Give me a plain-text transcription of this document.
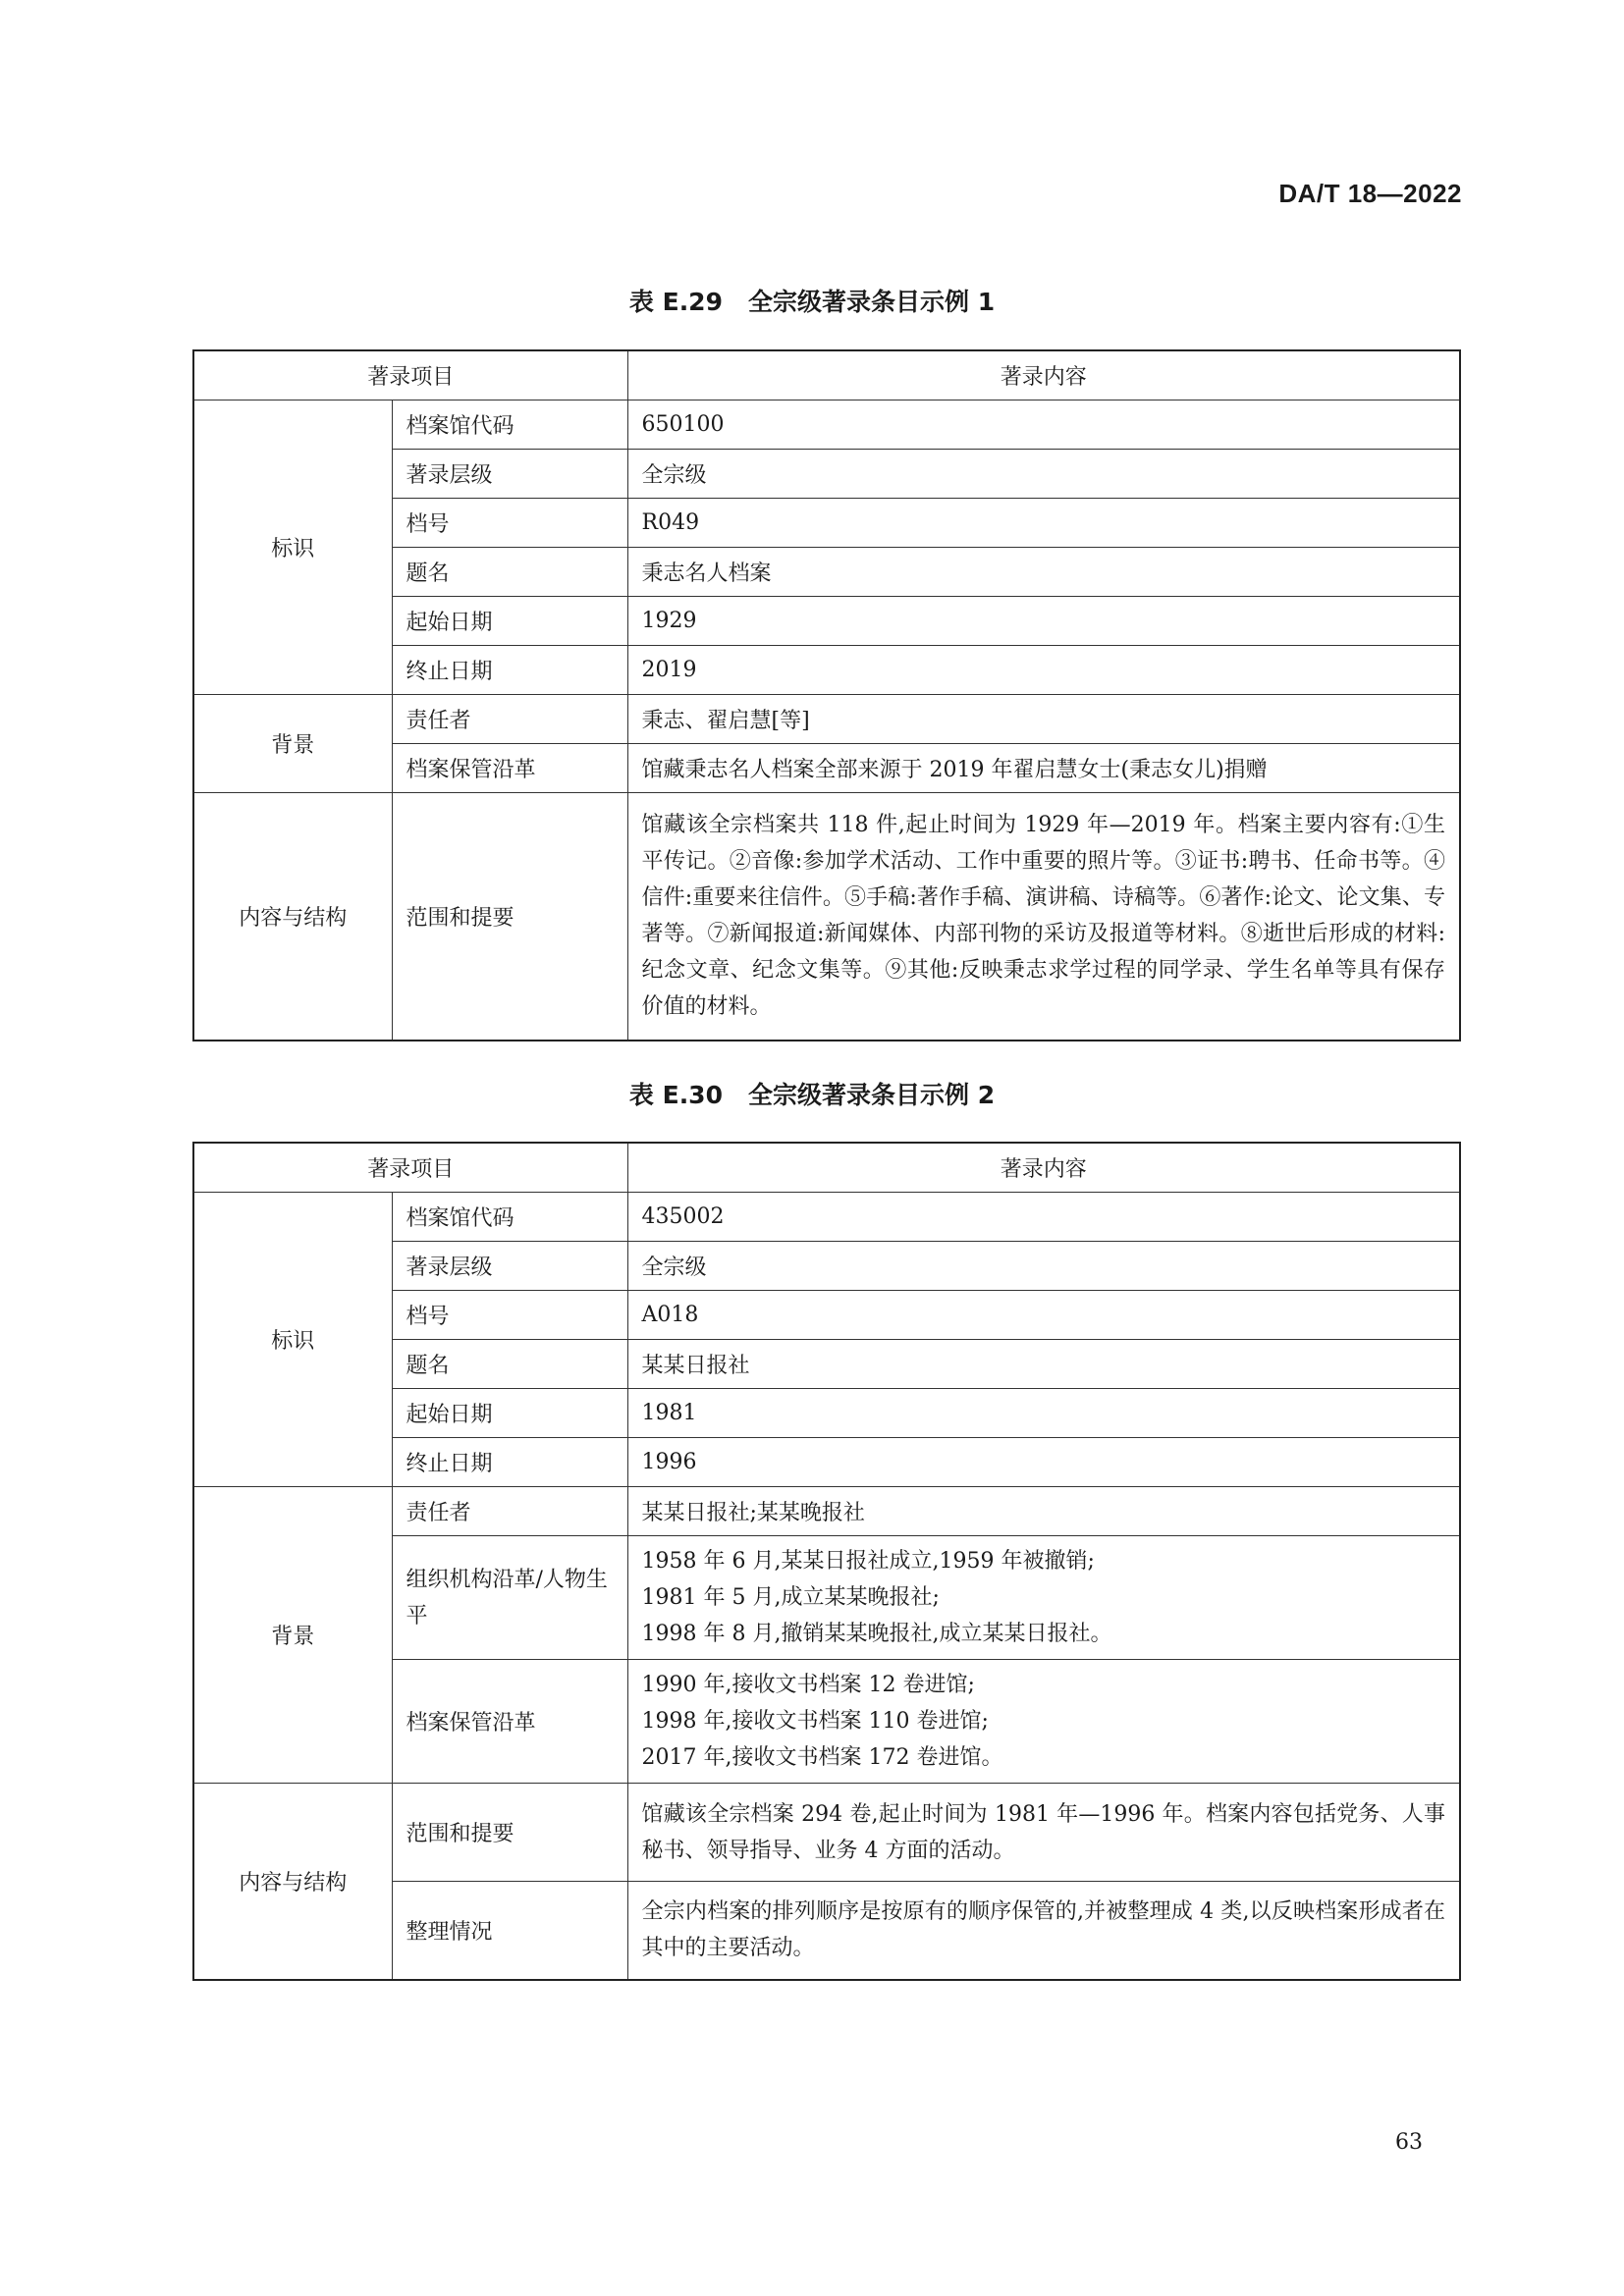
DA/T 18—2022
表 E.29 全宗级著录条目示例 1
著录项目		著录内容
标识	档案馆代码	650100
	著录层级	全宗级
	档号	R049
	题名	秉志名人档案
	起始日期	1929
	终止日期	2019
背景	责任者	秉志、翟启慧[等]
	档案保管沿革	馆藏秉志名人档案全部来源于 2019 年翟启慧女士(秉志女儿)捐赠
内容与结构	范围和提要	馆藏该全宗档案共 118 件,起止时间为 1929 年—2019 年。档案主要内容有:①生平传记。②音像:参加学术活动、工作中重要的照片等。③证书:聘书、任命书等。④信件:重要来往信件。⑤手稿:著作手稿、演讲稿、诗稿等。⑥著作:论文、论文集、专著等。⑦新闻报道:新闻媒体、内部刊物的采访及报道等材料。⑧逝世后形成的材料:纪念文章、纪念文集等。⑨其他:反映秉志求学过程的同学录、学生名单等具有保存价值的材料。
表 E.30 全宗级著录条目示例 2
著录项目		著录内容
标识	档案馆代码	435002
	著录层级	全宗级
	档号	A018
	题名	某某日报社
	起始日期	1981
	终止日期	1996
背景	责任者	某某日报社;某某晚报社
	组织机构沿革/人物生平	1958 年 6 月,某某日报社成立,1959 年被撤销;
1981 年 5 月,成立某某晚报社;
1998 年 8 月,撤销某某晚报社,成立某某日报社。

	档案保管沿革	1990 年,接收文书档案 12 卷进馆;
1998 年,接收文书档案 110 卷进馆;
2017 年,接收文书档案 172 卷进馆。

内容与结构	范围和提要	馆藏该全宗档案 294 卷,起止时间为 1981 年—1996 年。档案内容包括党务、人事秘书、领导指导、业务 4 方面的活动。
	整理情况	全宗内档案的排列顺序是按原有的顺序保管的,并被整理成 4 类,以反映档案形成者在其中的主要活动。
63
